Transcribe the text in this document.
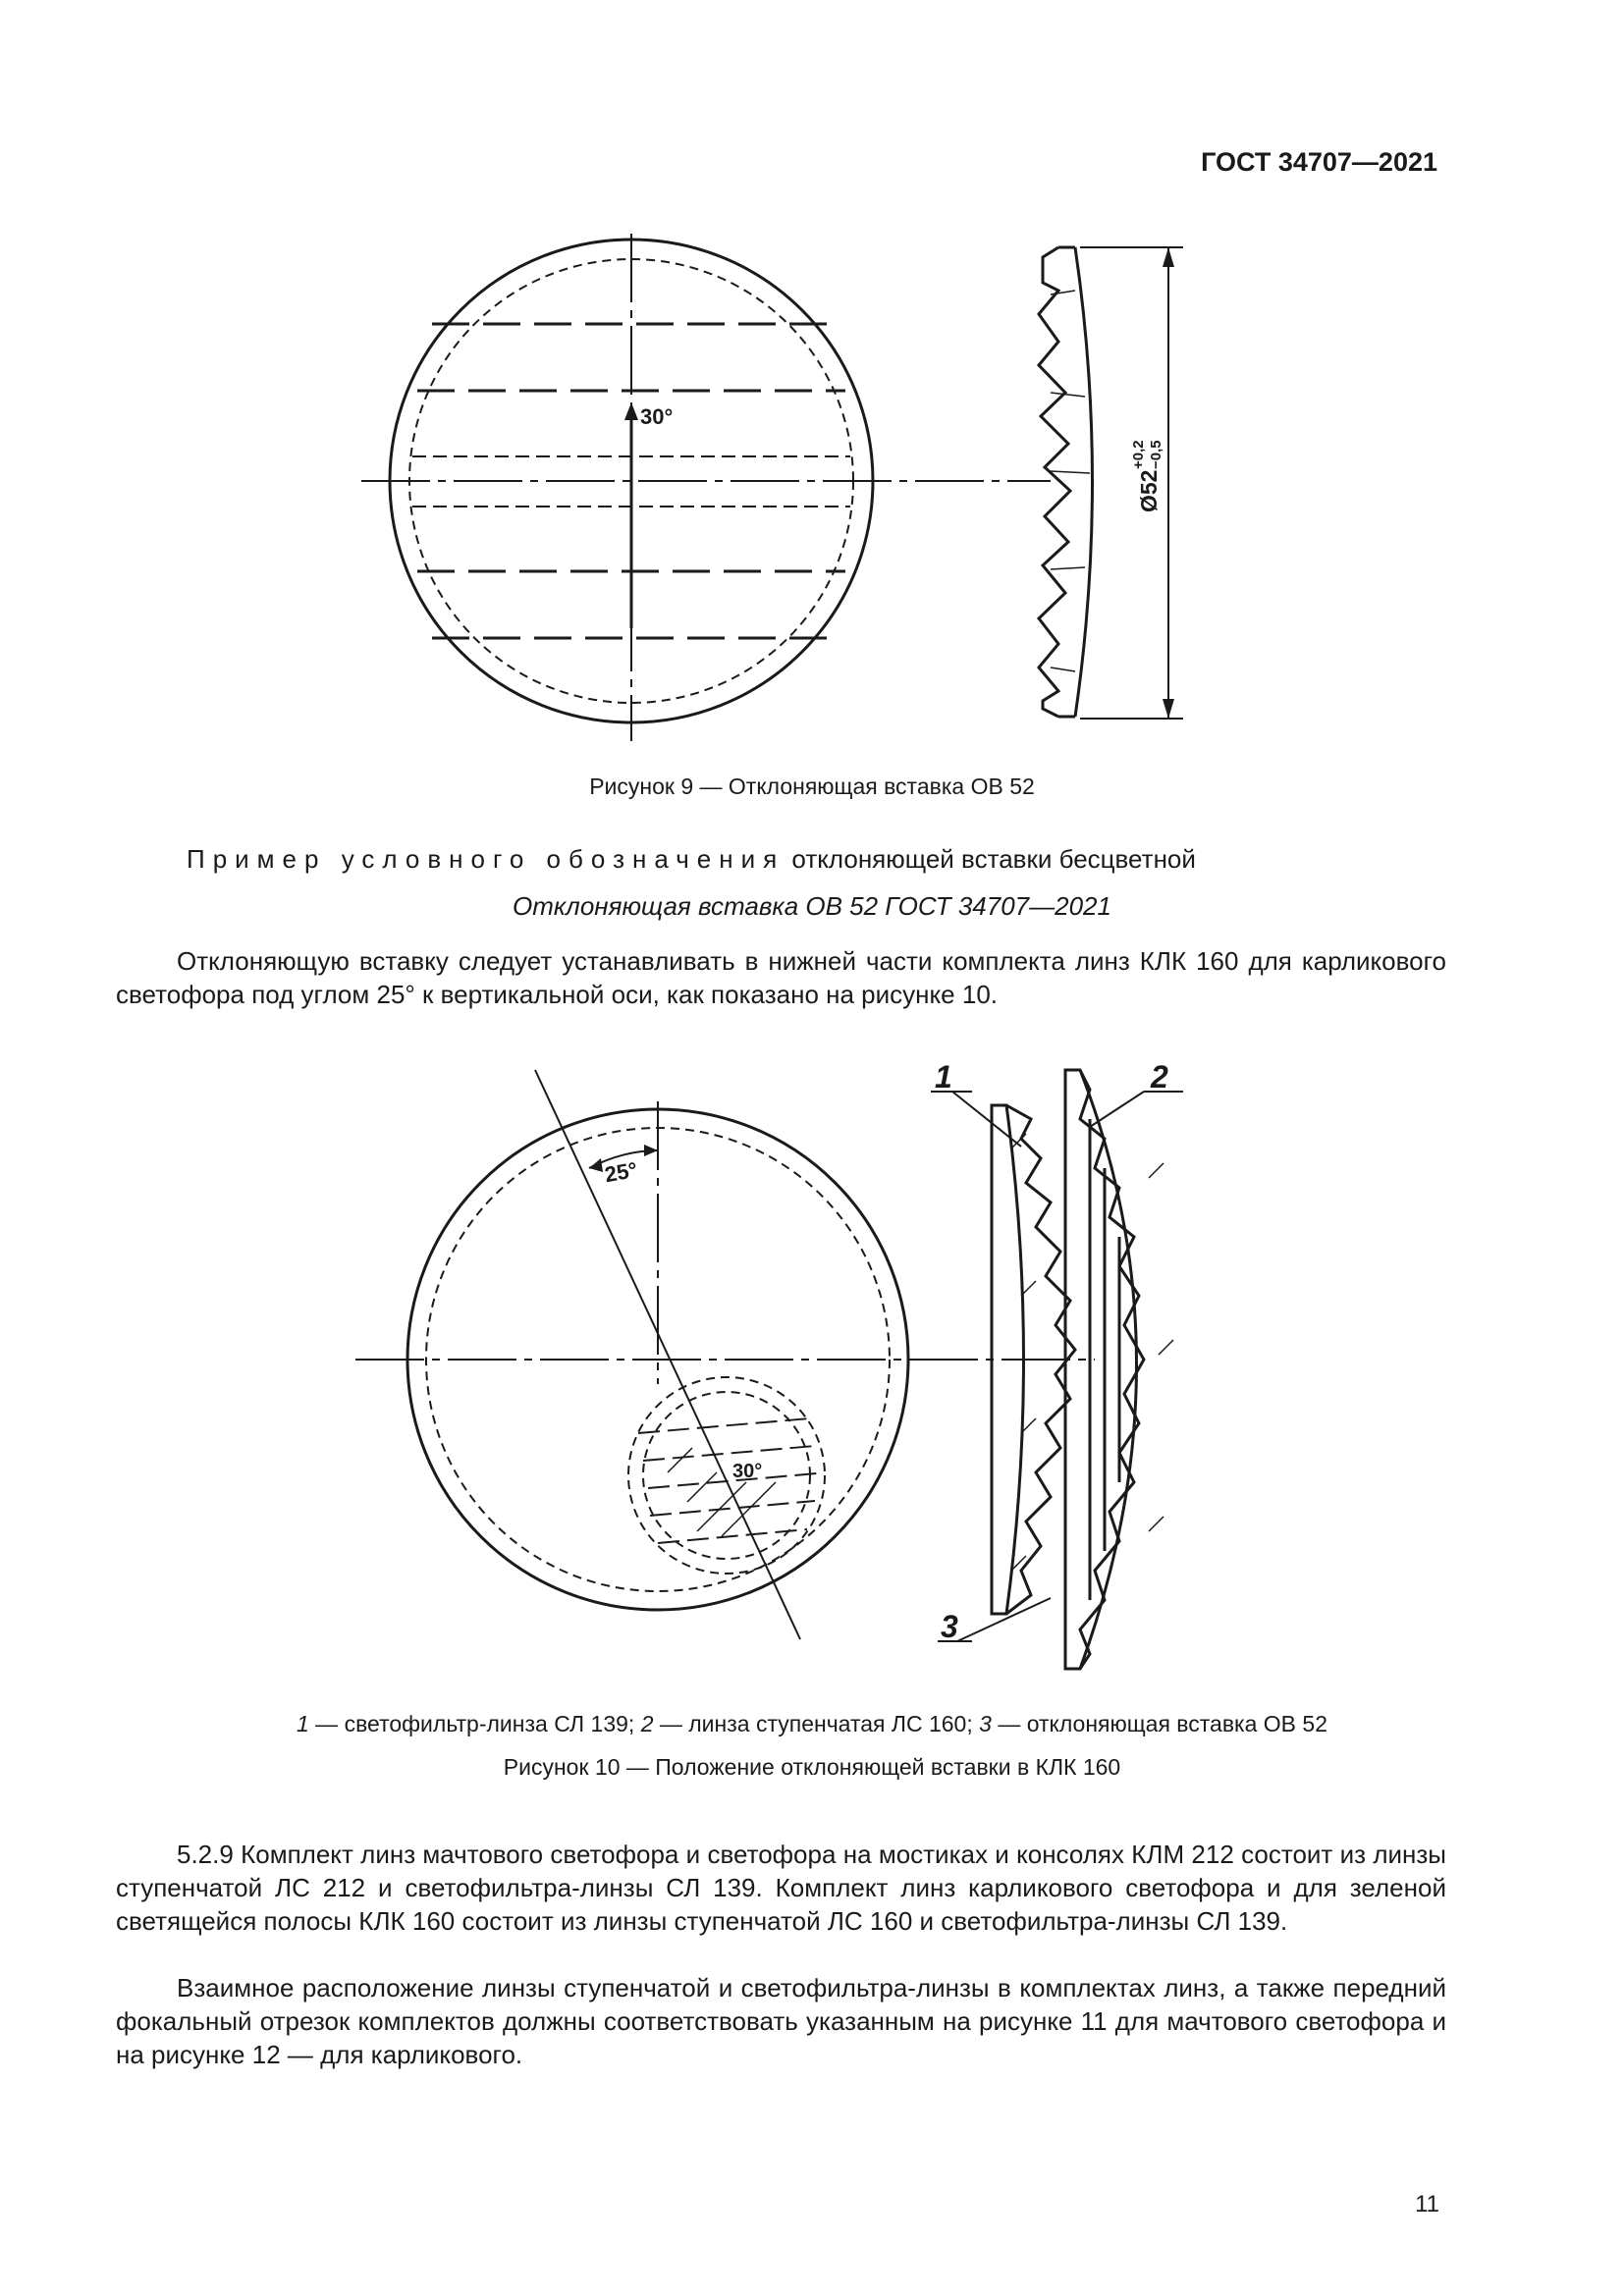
ГОСТ 34707—2021
30°
Ø52
+0,2 −0,5
Рисунок 9 — Отклоняющая вставка ОВ 52
Пример условного обозначения отклоняющей вставки бесцветной
Отклоняющая вставка ОВ 52 ГОСТ 34707—2021

Отклоняющую вставку следует устанавливать в нижней части комплекта линз КЛК 160 для карликового светофора под углом 25° к вертикальной оси, как показано на рисунке 10.

25°
30°
1	2
3
1 — светофильтр-линза СЛ 139; 2 — линза ступенчатая ЛС 160; 3 — отклоняющая вставка ОВ 52
Рисунок 10 — Положение отклоняющей вставки в КЛК 160

5.2.9 Комплект линз мачтового светофора и светофора на мостиках и консолях КЛМ 212 состоит из линзы ступенчатой ЛС 212 и светофильтра-линзы СЛ 139. Комплект линз карликового светофора и для зеленой светящейся полосы КЛК 160 состоит из линзы ступенчатой ЛС 160 и светофильтра-линзы СЛ 139.

Взаимное расположение линзы ступенчатой и светофильтра-линзы в комплектах линз, а также передний фокальный отрезок комплектов должны соответствовать указанным на рисунке 11 для мачтового светофора и на рисунке 12 — для карликового.

11
